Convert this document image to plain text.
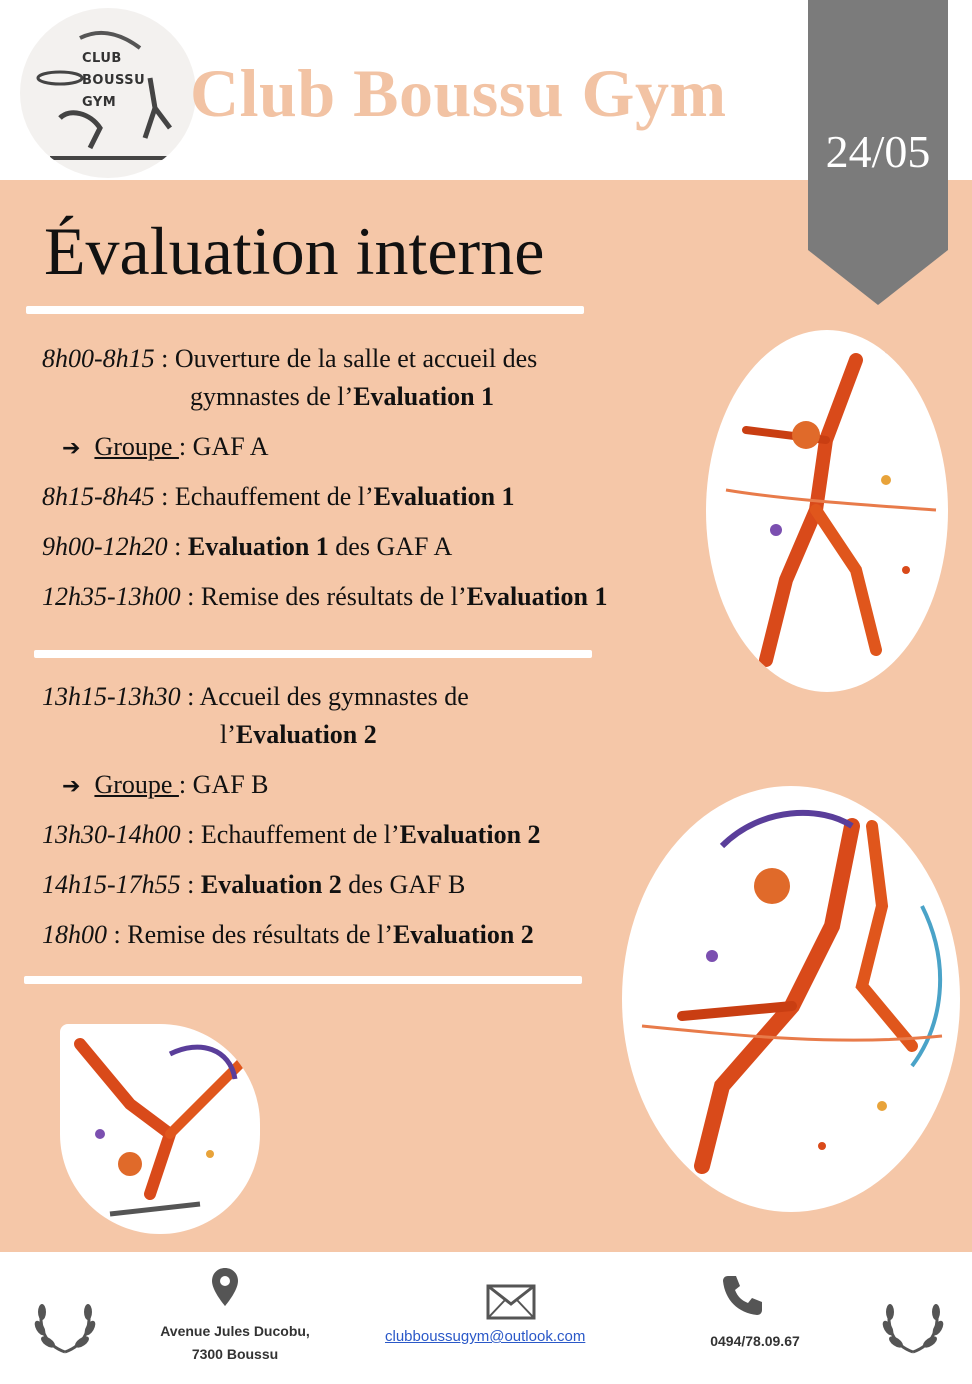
CLUB
BOUSSU
GYM	Club Boussu Gym
24/05
Évaluation interne
8h00-8h15 : Ouverture de la salle et accueil des
gymnastes de l’Evaluation 1
➔ Groupe : GAF A
8h15-8h45 : Echauffement de l’Evaluation 1
9h00-12h20 : Evaluation 1 des GAF A
12h35-13h00 : Remise des résultats de l’Evaluation 1
13h15-13h30 : Accueil des gymnastes de
l’Evaluation 2
➔ Groupe : GAF B
13h30-14h00 : Echauffement de l’Evaluation 2
14h15-17h55 : Evaluation 2 des GAF B
18h00 : Remise des résultats de l’Evaluation 2
Avenue Jules Ducobu,
7300 Boussu
clubboussugym@outlook.com	0494/78.09.67
